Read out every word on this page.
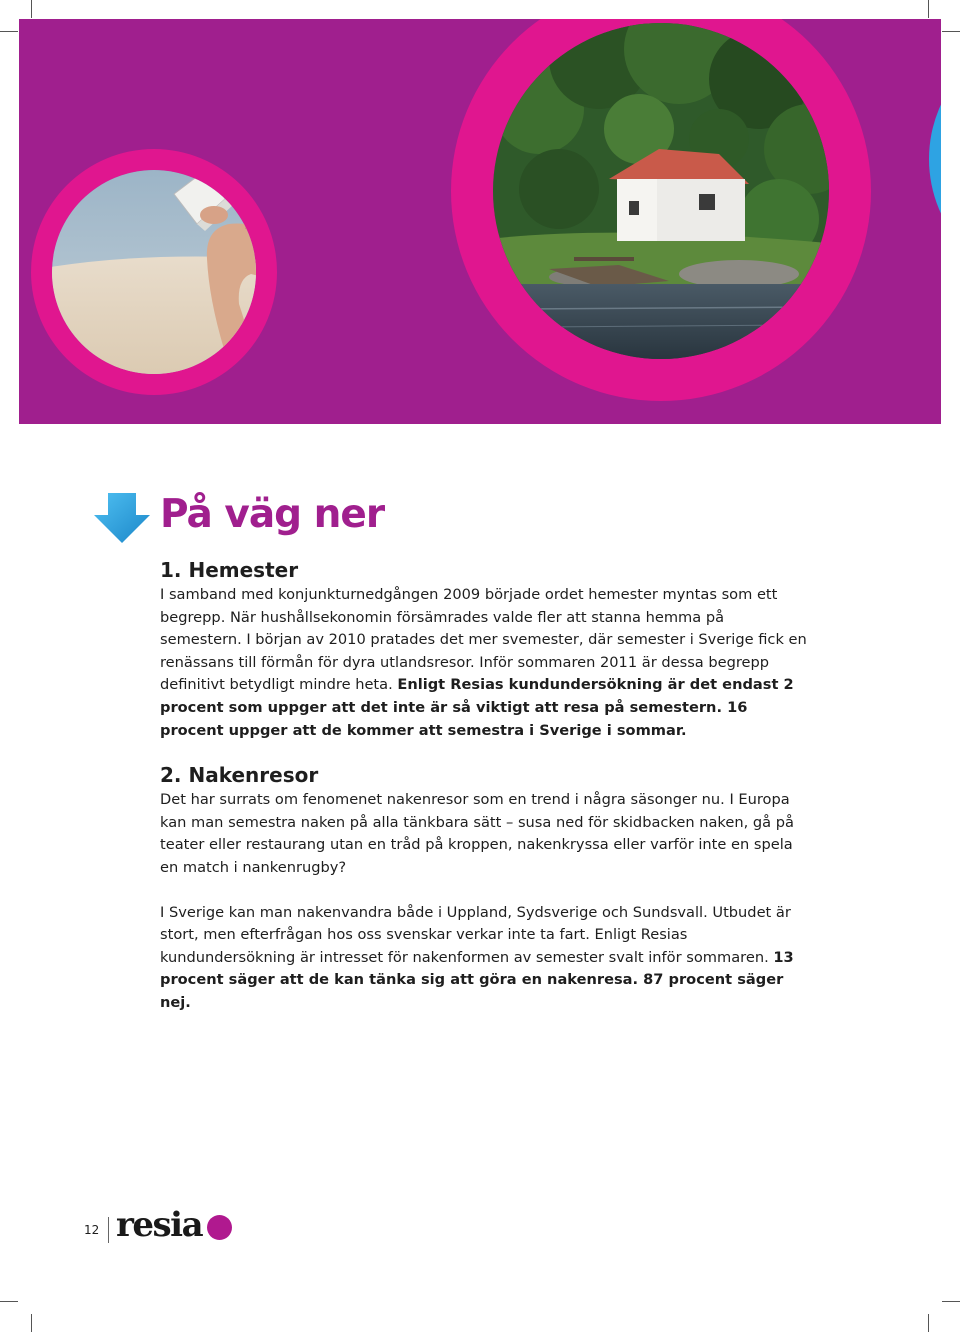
På väg ner
1. Hemester

I samband med konjunkturnedgången 2009 började ordet hemester myntas som ett begrepp. När hushållsekonomin försämrades valde fler att stanna hemma på semestern. I början av 2010 pratades det mer svemester, där semester i Sverige fick en renässans till förmån för dyra utlandsresor. Inför sommaren 2011 är dessa begrepp definitivt betydligt mindre heta. Enligt Resias kundundersökning är det endast 2 procent som uppger att det inte är så viktigt att resa på semestern. 16 procent uppger att de kommer att semestra i Sverige i sommar.

2. Nakenresor

Det har surrats om fenomenet nakenresor som en trend i några säsonger nu. I Europa kan man semestra naken på alla tänkbara sätt – susa ned för skidbacken naken, gå på teater eller restaurang utan en tråd på kroppen, nakenkryssa eller varför inte en spela en match i nankenrugby?

I Sverige kan man nakenvandra både i Uppland, Sydsverige och Sundsvall. Utbudet är stort, men efterfrågan hos oss svenskar verkar inte ta fart. Enligt Resias kundundersökning är intresset för nakenformen av semester svalt inför sommaren. 13 procent säger att de kan tänka sig att göra en nakenresa. 87 procent säger nej.

12 resia
